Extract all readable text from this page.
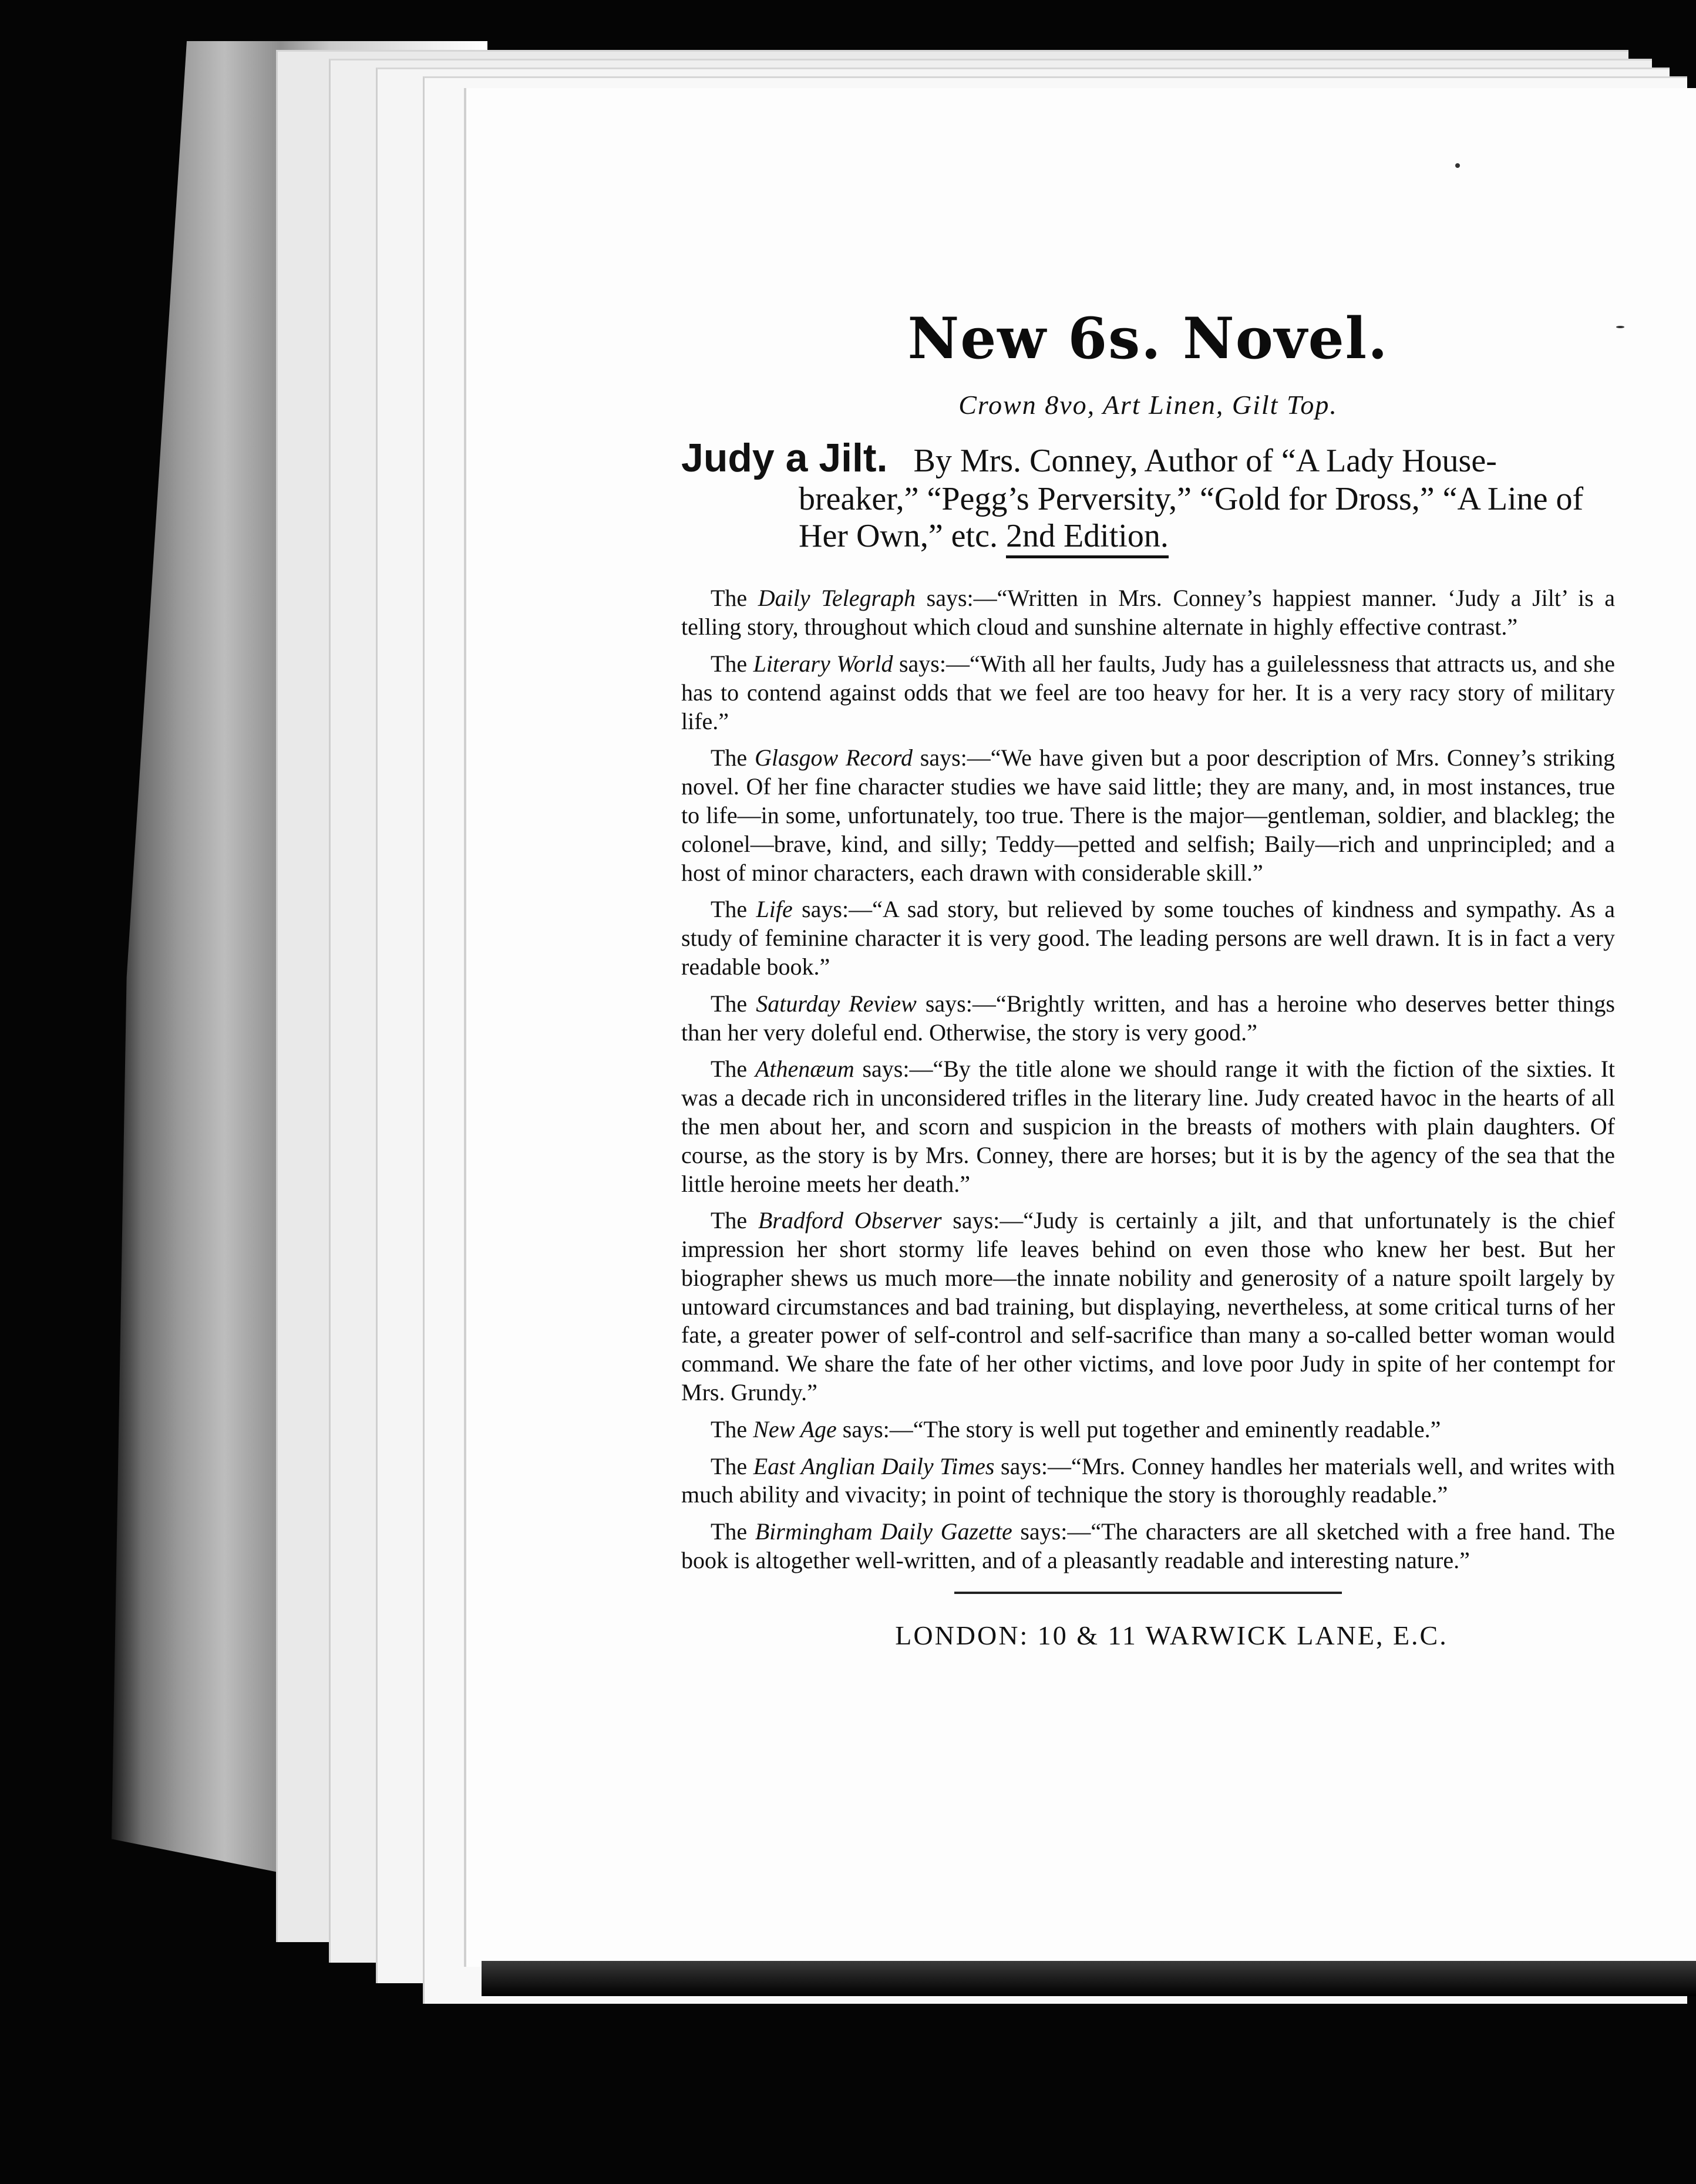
New 6s. Novel.

Crown 8vo, Art Linen, Gilt Top.

Judy a Jilt. By Mrs. Conney, Author of “A Lady House-breaker,” “Pegg’s Perversity,” “Gold for Dross,” “A Line of Her Own,” etc. 2nd Edition.

The Daily Telegraph says:—“Written in Mrs. Conney’s happiest manner. ‘Judy a Jilt’ is a telling story, throughout which cloud and sunshine alternate in highly effective contrast.”

The Literary World says:—“With all her faults, Judy has a guilelessness that attracts us, and she has to contend against odds that we feel are too heavy for her. It is a very racy story of military life.”

The Glasgow Record says:—“We have given but a poor description of Mrs. Conney’s striking novel. Of her fine character studies we have said little; they are many, and, in most instances, true to life—in some, unfortunately, too true. There is the major—gentleman, soldier, and blackleg; the colonel—brave, kind, and silly; Teddy—petted and selfish; Baily—rich and unprincipled; and a host of minor characters, each drawn with considerable skill.”

The Life says:—“A sad story, but relieved by some touches of kindness and sympathy. As a study of feminine character it is very good. The leading persons are well drawn. It is in fact a very readable book.”

The Saturday Review says:—“Brightly written, and has a heroine who deserves better things than her very doleful end. Otherwise, the story is very good.”

The Athenæum says:—“By the title alone we should range it with the fiction of the sixties. It was a decade rich in unconsidered trifles in the literary line. Judy created havoc in the hearts of all the men about her, and scorn and suspicion in the breasts of mothers with plain daughters. Of course, as the story is by Mrs. Conney, there are horses; but it is by the agency of the sea that the little heroine meets her death.”

The Bradford Observer says:—“Judy is certainly a jilt, and that unfortunately is the chief impression her short stormy life leaves behind on even those who knew her best. But her biographer shews us much more—the innate nobility and generosity of a nature spoilt largely by untoward circumstances and bad training, but displaying, nevertheless, at some critical turns of her fate, a greater power of self-control and self-sacrifice than many a so-called better woman would command. We share the fate of her other victims, and love poor Judy in spite of her contempt for Mrs. Grundy.”

The New Age says:—“The story is well put together and eminently readable.”

The East Anglian Daily Times says:—“Mrs. Conney handles her materials well, and writes with much ability and vivacity; in point of technique the story is thoroughly readable.”

The Birmingham Daily Gazette says:—“The characters are all sketched with a free hand. The book is altogether well-written, and of a pleasantly readable and interesting nature.”

LONDON: 10 & 11 WARWICK LANE, E.C.
